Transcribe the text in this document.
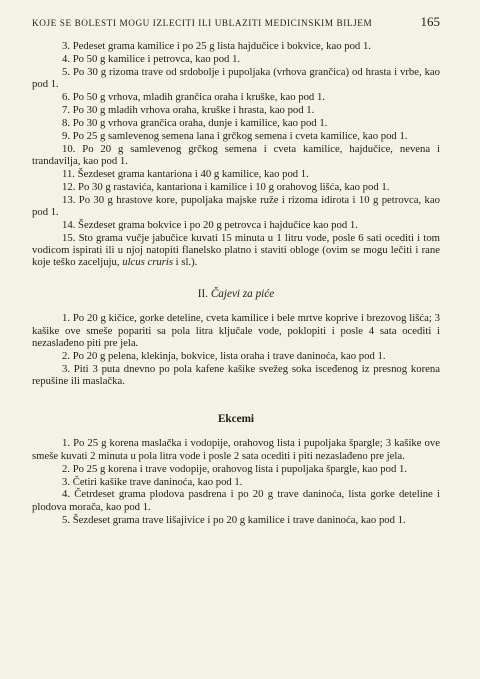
KOJE SE BOLESTI MOGU IZLECITI ILI UBLAZITI MEDICINSKIM BILJEM	165

3. Pedeset grama kamilice i po 25 g lista hajdučice i bokvice, kao pod 1.

4. Po 50 g kamilice i petrovca, kao pod 1.

5. Po 30 g rizoma trave od srdobolje i pupoljaka (vrhova grančica) od hrasta i vrbe, kao pod 1.

6. Po 50 g vrhova, mladih grančica oraha i kruške, kao pod 1.

7. Po 30 g mladih vrhova oraha, kruške i hrasta, kao pod 1.

8. Po 30 g vrhova grančica oraha, dunje i kamilice, kao pod 1.

9. Po 25 g samlevenog semena lana i grčkog semena i cveta kamilice, kao pod 1.

10. Po 20 g samlevenog grčkog semena i cveta kamilice, hajdučice, nevena i trandavilja, kao pod 1.

11. Šezdeset grama kantariona i 40 g kamilice, kao pod 1.

12. Po 30 g rastavića, kantariona i kamilice i 10 g orahovog lišća, kao pod 1.

13. Po 30 g hrastove kore, pupoljaka majske ruže i rizoma idirota i 10 g petrovca, kao pod 1.

14. Šezdeset grama bokvice i po 20 g petrovca i hajdučice kao pod 1.

15. Sto grama vučje jabučice kuvati 15 minuta u 1 litru vode, posle 6 sati oceditі i tom vodicom ispirati ili u njoj natopiti flanelsko platno i staviti obloge (ovim se mogu lečiti i rane koje teško zaceljuju, ulcus cruris i sl.).

II. Čajevi za piće

1. Po 20 g kičice, gorke deteline, cveta kamilice i bele mrtve koprive i brezovog lišća; 3 kašike ove smeše popariti sa pola litra ključale vode, poklopiti i posle 4 sata ocediti i nezaslađeno piti pre jela.

2. Po 20 g pelena, klekinja, bokvice, lista oraha i trave daninoća, kao pod 1.

3. Piti 3 puta dnevno po pola kafene kašike svežeg soka iscеđenog iz presnog korena repušine ili maslačka.

Ekcemi

1. Po 25 g korena maslačka i vodopije, orahovog lista i pupoljaka špargle; 3 kašike ove smeše kuvati 2 minuta u pola litra vode i posle 2 sata ocediti i piti nezaslađeno pre jela.

2. Po 25 g korena i trave vodopije, orahovog lista i pupoljaka špargle, kao pod 1.

3. Četiri kašike trave daninoća, kao pod 1.

4. Četrdeset grama plodova pasdrena i po 20 g trave daninoća, lista gorke deteline i plodova morača, kao pod 1.

5. Šezdeset grama trave lišajivice i po 20 g kamilice i trave daninoća, kao pod 1.
